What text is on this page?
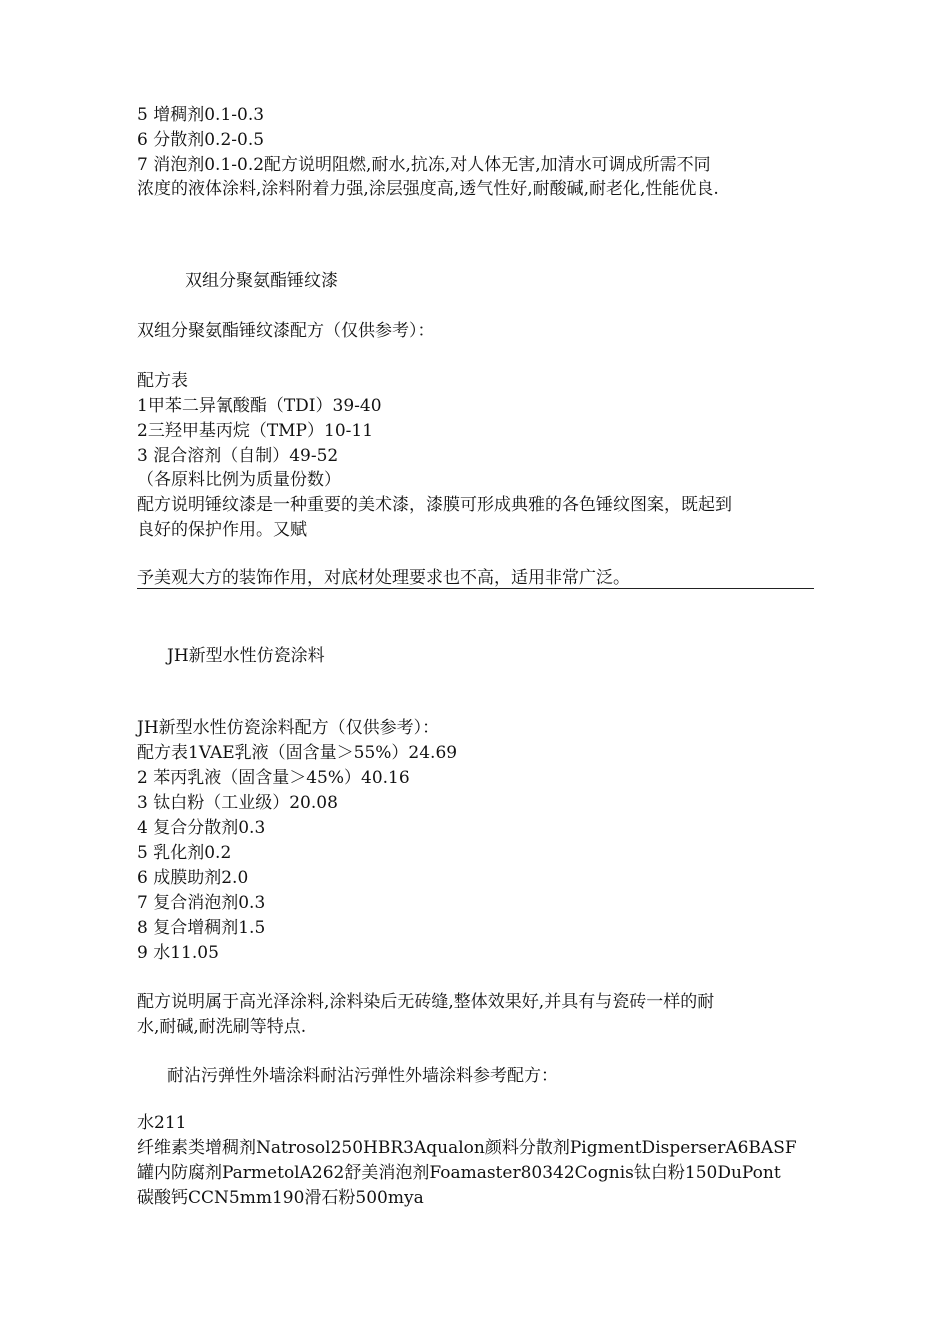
5 增稠剂0.1-0.3
6 分散剂0.2-0.5
7 消泡剂0.1-0.2配方说明阻燃,耐水,抗冻,对人体无害,加清水可调成所需不同
浓度的液体涂料,涂料附着力强,涂层强度高,透气性好,耐酸碱,耐老化,性能优良.
双组分聚氨酯锤纹漆
双组分聚氨酯锤纹漆配方（仅供参考）：
配方表
1甲苯二异氰酸酯（TDI）39-40
2三羟甲基丙烷（TMP）10-11
3 混合溶剂（自制）49-52
（各原料比例为质量份数）
配方说明锤纹漆是一种重要的美术漆，漆膜可形成典雅的各色锤纹图案，既起到
良好的保护作用。又赋
予美观大方的装饰作用，对底材处理要求也不高，适用非常广泛。
JH新型水性仿瓷涂料
JH新型水性仿瓷涂料配方（仅供参考）：
配方表1VAE乳液（固含量＞55%）24.69
2 苯丙乳液（固含量＞45%）40.16
3 钛白粉（工业级）20.08
4 复合分散剂0.3
5 乳化剂0.2
6 成膜助剂2.0
7 复合消泡剂0.3
8 复合增稠剂1.5
9 水11.05
配方说明属于高光泽涂料,涂料染后无砖缝,整体效果好,并具有与瓷砖一样的耐
水,耐碱,耐洗刷等特点.
耐沾污弹性外墙涂料耐沾污弹性外墙涂料参考配方：
水211
纤维素类增稠剂Natrosol250HBR3Aqualon颜料分散剂PigmentDisperserA6BASF
罐内防腐剂ParmetolA262舒美消泡剂Foamaster80342Cognis钛白粉150DuPont
碳酸钙CCN5mm190滑石粉500mya
